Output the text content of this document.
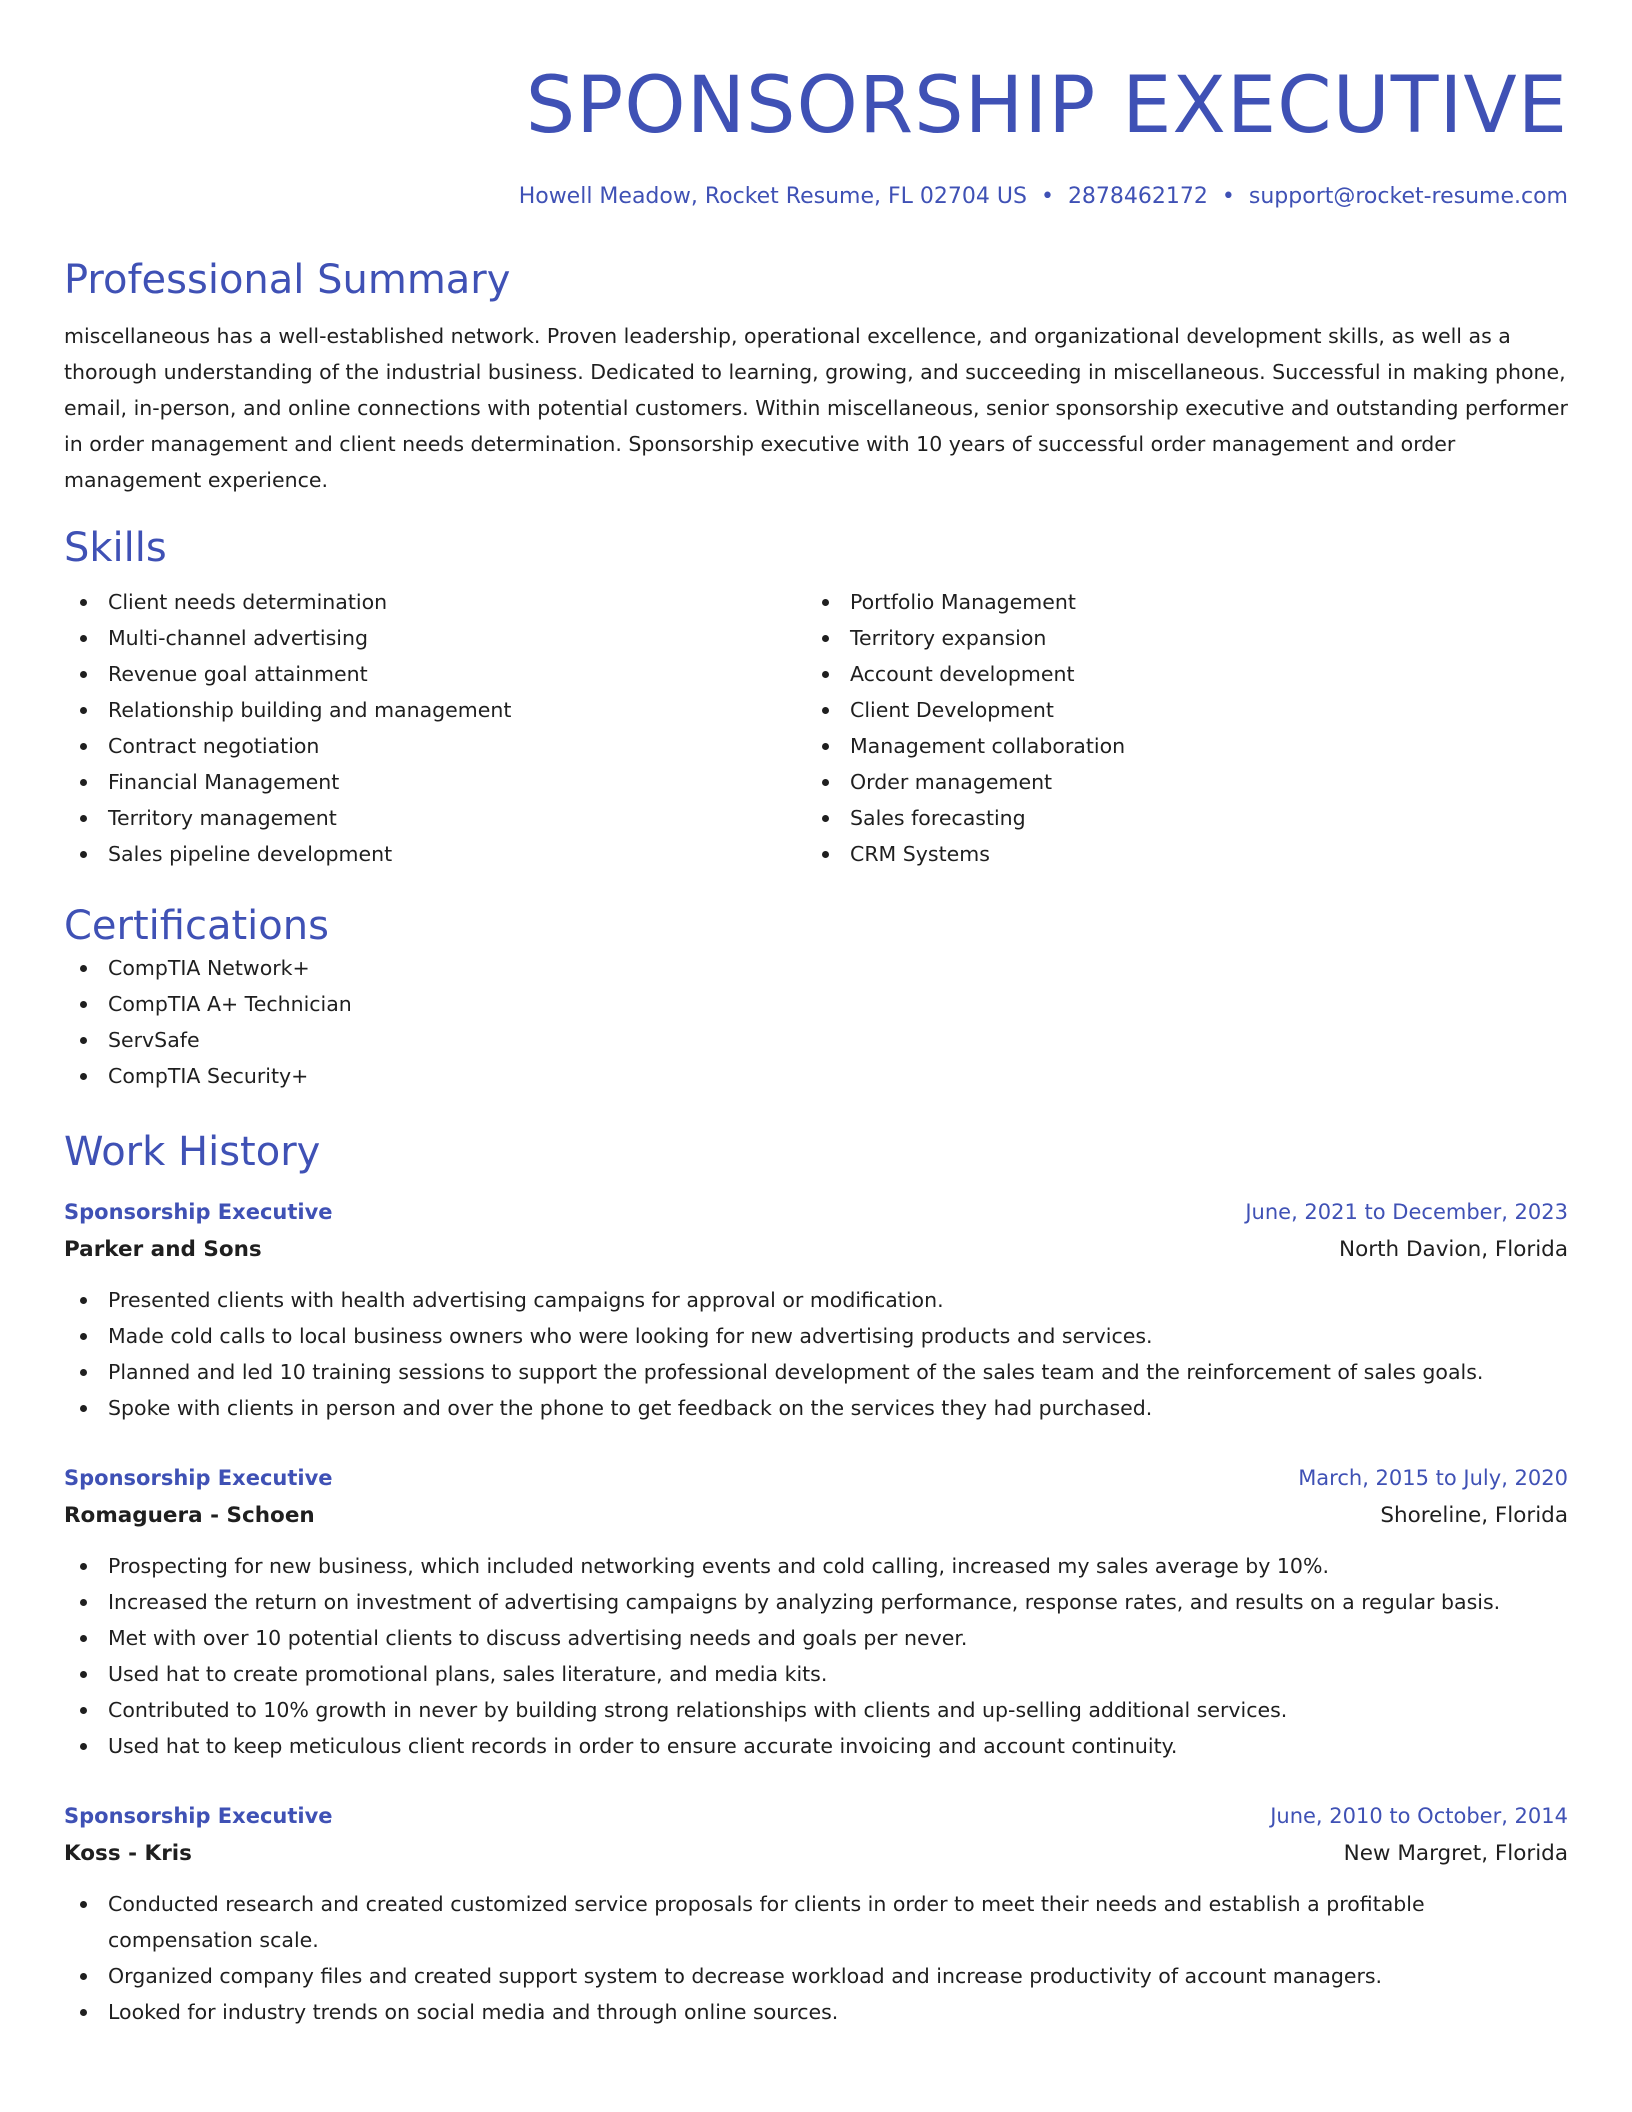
SPONSORSHIP EXECUTIVE
Howell Meadow, Rocket Resume, FL 02704 US • 2878462172 • support@rocket-resume.com
Professional Summary

miscellaneous has a well-established network. Proven leadership, operational excellence, and organizational development skills, as well as a thorough understanding of the industrial business. Dedicated to learning, growing, and succeeding in miscellaneous. Successful in making phone, email, in-person, and online connections with potential customers. Within miscellaneous, senior sponsorship executive and outstanding performer in order management and client needs determination. Sponsorship executive with 10 years of successful order management and order management experience.

Skills
Client needs determination
Multi-channel advertising
Revenue goal attainment
Relationship building and management
Contract negotiation
Financial Management
Territory management
Sales pipeline development
Portfolio Management
Territory expansion
Account development
Client Development
Management collaboration
Order management
Sales forecasting
CRM Systems
Certifications
CompTIA Network+
CompTIA A+ Technician
ServSafe
CompTIA Security+
Work History
Sponsorship Executive	June, 2021 to December, 2023
Parker and Sons	North Davion, Florida
Presented clients with health advertising campaigns for approval or modification.
Made cold calls to local business owners who were looking for new advertising products and services.
Planned and led 10 training sessions to support the professional development of the sales team and the reinforcement of sales goals.
Spoke with clients in person and over the phone to get feedback on the services they had purchased.
Sponsorship Executive	March, 2015 to July, 2020
Romaguera - Schoen	Shoreline, Florida
Prospecting for new business, which included networking events and cold calling, increased my sales average by 10%.
Increased the return on investment of advertising campaigns by analyzing performance, response rates, and results on a regular basis.
Met with over 10 potential clients to discuss advertising needs and goals per never.
Used hat to create promotional plans, sales literature, and media kits.
Contributed to 10% growth in never by building strong relationships with clients and up-selling additional services.
Used hat to keep meticulous client records in order to ensure accurate invoicing and account continuity.
Sponsorship Executive	June, 2010 to October, 2014
Koss - Kris	New Margret, Florida
Conducted research and created customized service proposals for clients in order to meet their needs and establish a profitable compensation scale.
Organized company files and created support system to decrease workload and increase productivity of account managers.
Looked for industry trends on social media and through online sources.
